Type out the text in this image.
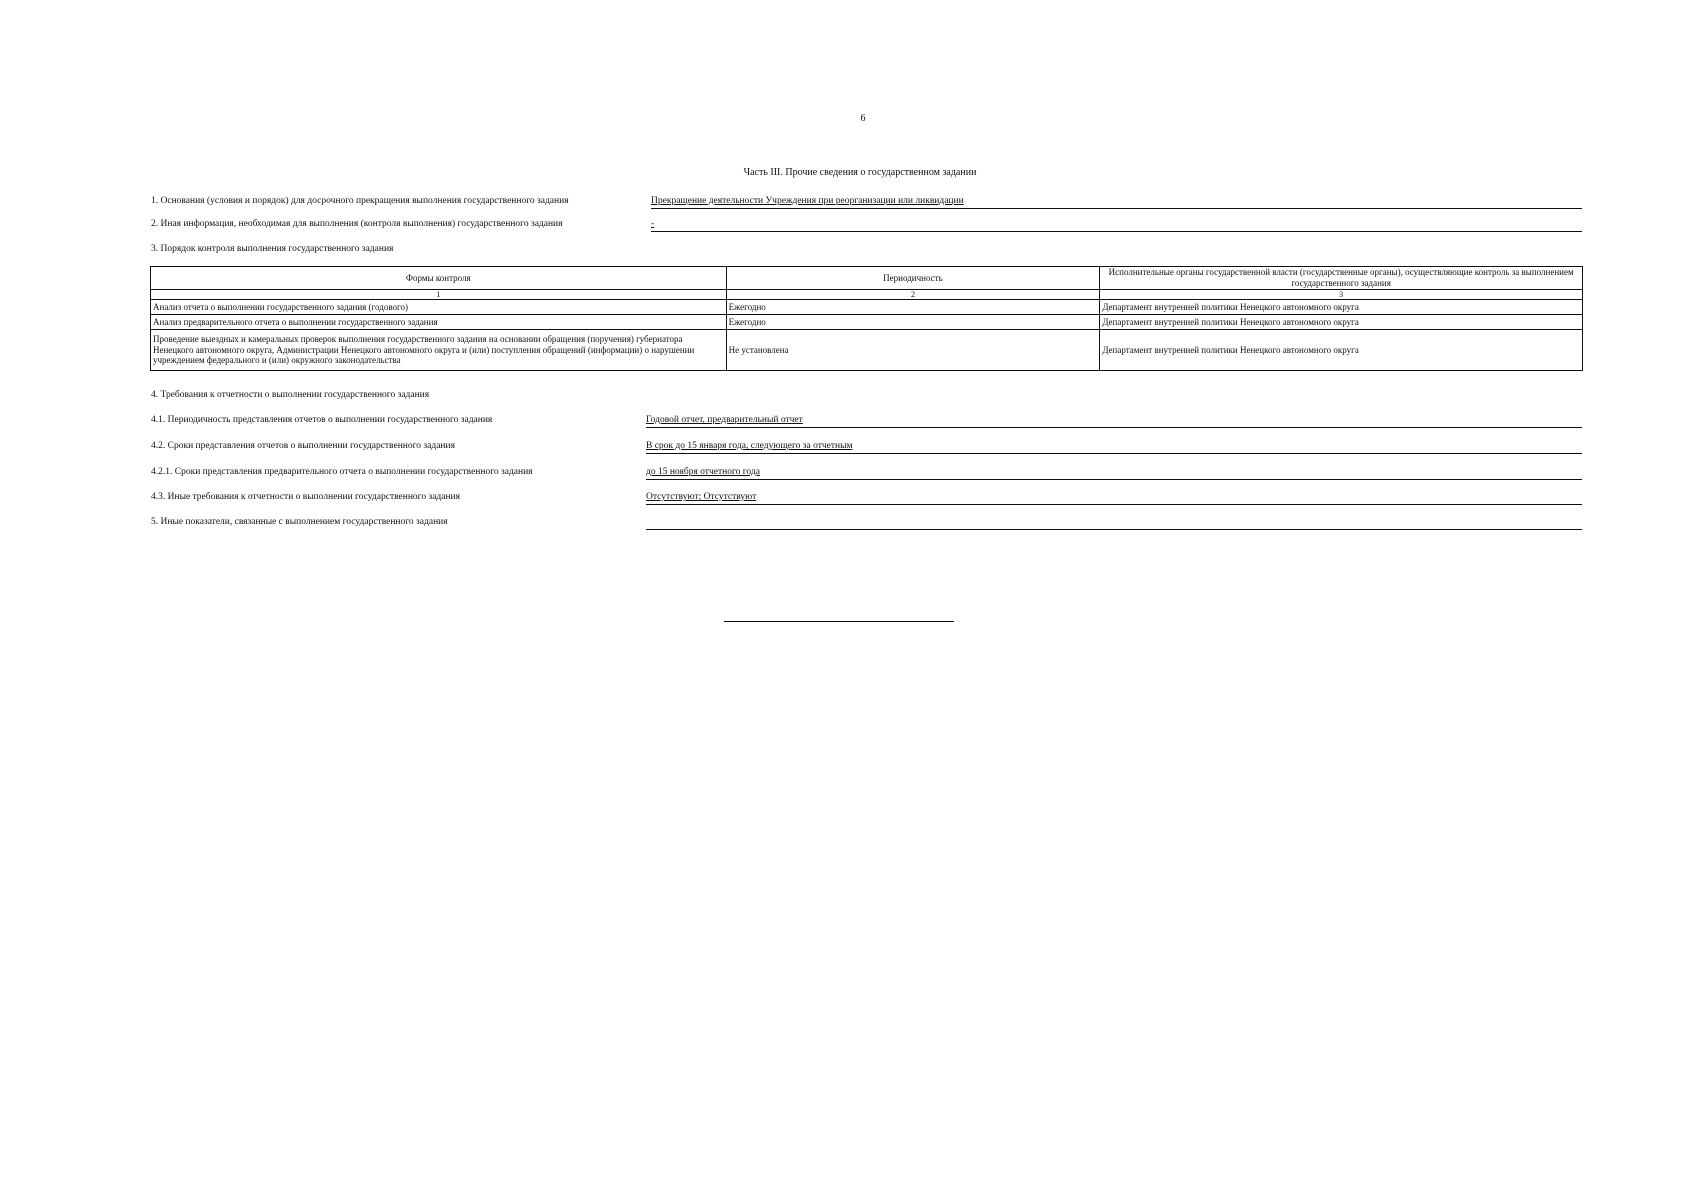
6
Часть III. Прочие сведения о государственном задании
1. Основания (условия и порядок) для досрочного прекращения выполнения государственного задания	Прекращение деятельности Учреждения при реорганизации или ликвидации
2. Иная информация, необходимая для выполнения (контроля выполнения) государственного задания	-
3. Порядок контроля выполнения государственного задания
Формы контроля	Периодичность	Исполнительные органы государственной власти (государственные органы), осуществляющие контроль за выполнением государственного задания
1	2	3
Анализ отчета о выполнении государственного задания (годового)	Ежегодно	Департамент внутренней политики Ненецкого автономного округа
Анализ предварительного отчета о выполнении государственного задания	Ежегодно	Департамент внутренней политики Ненецкого автономного округа
Проведение выездных и камеральных проверок выполнения государственного задания на основании обращения (поручения) губернатора Ненецкого автономного округа, Администрации Ненецкого автономного округа и (или) поступления обращений (информации) о нарушении учреждением федерального и (или) окружного законодательства	Не установлена	Департамент внутренней политики Ненецкого автономного округа
4. Требования к отчетности о выполнении государственного задания
4.1. Периодичность представления отчетов о выполнении государственного задания	Годовой отчет, предварительный отчет
4.2. Сроки представления отчетов о выполнении государственного задания	В срок до 15 января года, следующего за отчетным
4.2.1. Сроки представления предварительного отчета о выполнении государственного задания	до 15 ноября отчетного года
4.3. Иные требования к отчетности о выполнении государственного задания	Отсутствуют; Отсутствуют
5. Иные показатели, связанные с выполнением государственного задания
